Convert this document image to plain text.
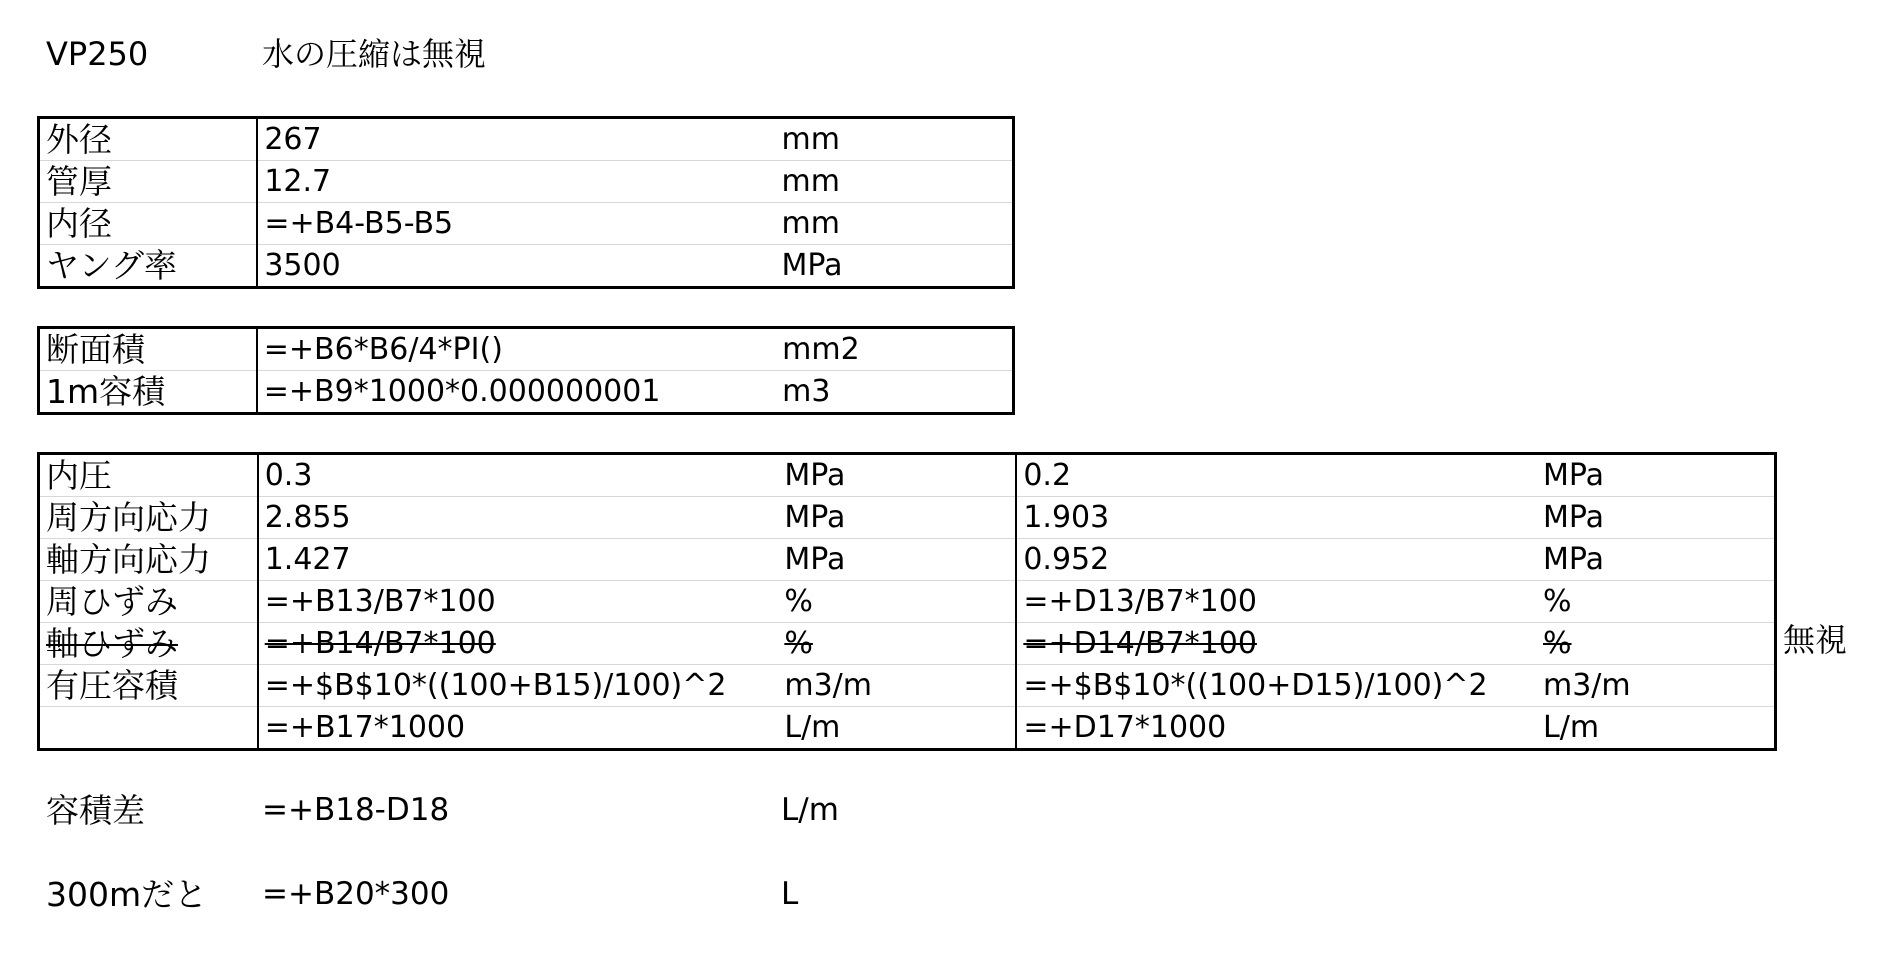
VP250	水の圧縮は無視
外径	267	mm
管厚	12.7	mm
内径	=+B4-B5-B5	mm
ヤング率	3500	MPa
断面積	=+B6*B6/4*PI()	mm2
1m容積	=+B9*1000*0.000000001	m3
内圧	0.3	MPa	0.2	MPa
周方向応力	2.855	MPa	1.903	MPa
軸方向応力	1.427	MPa	0.952	MPa
周ひずみ	=+B13/B7*100	%	=+D13/B7*100	%
軸ひずみ	=+B14/B7*100	%	=+D14/B7*100	%
有圧容積	=+$B$10*((100+B15)/100)^2	m3/m	=+$B$10*((100+D15)/100)^2	m3/m
	=+B17*1000	L/m	=+D17*1000	L/m
無視
容積差	=+B18-D18	L/m
300mだと =+B20*300	L
